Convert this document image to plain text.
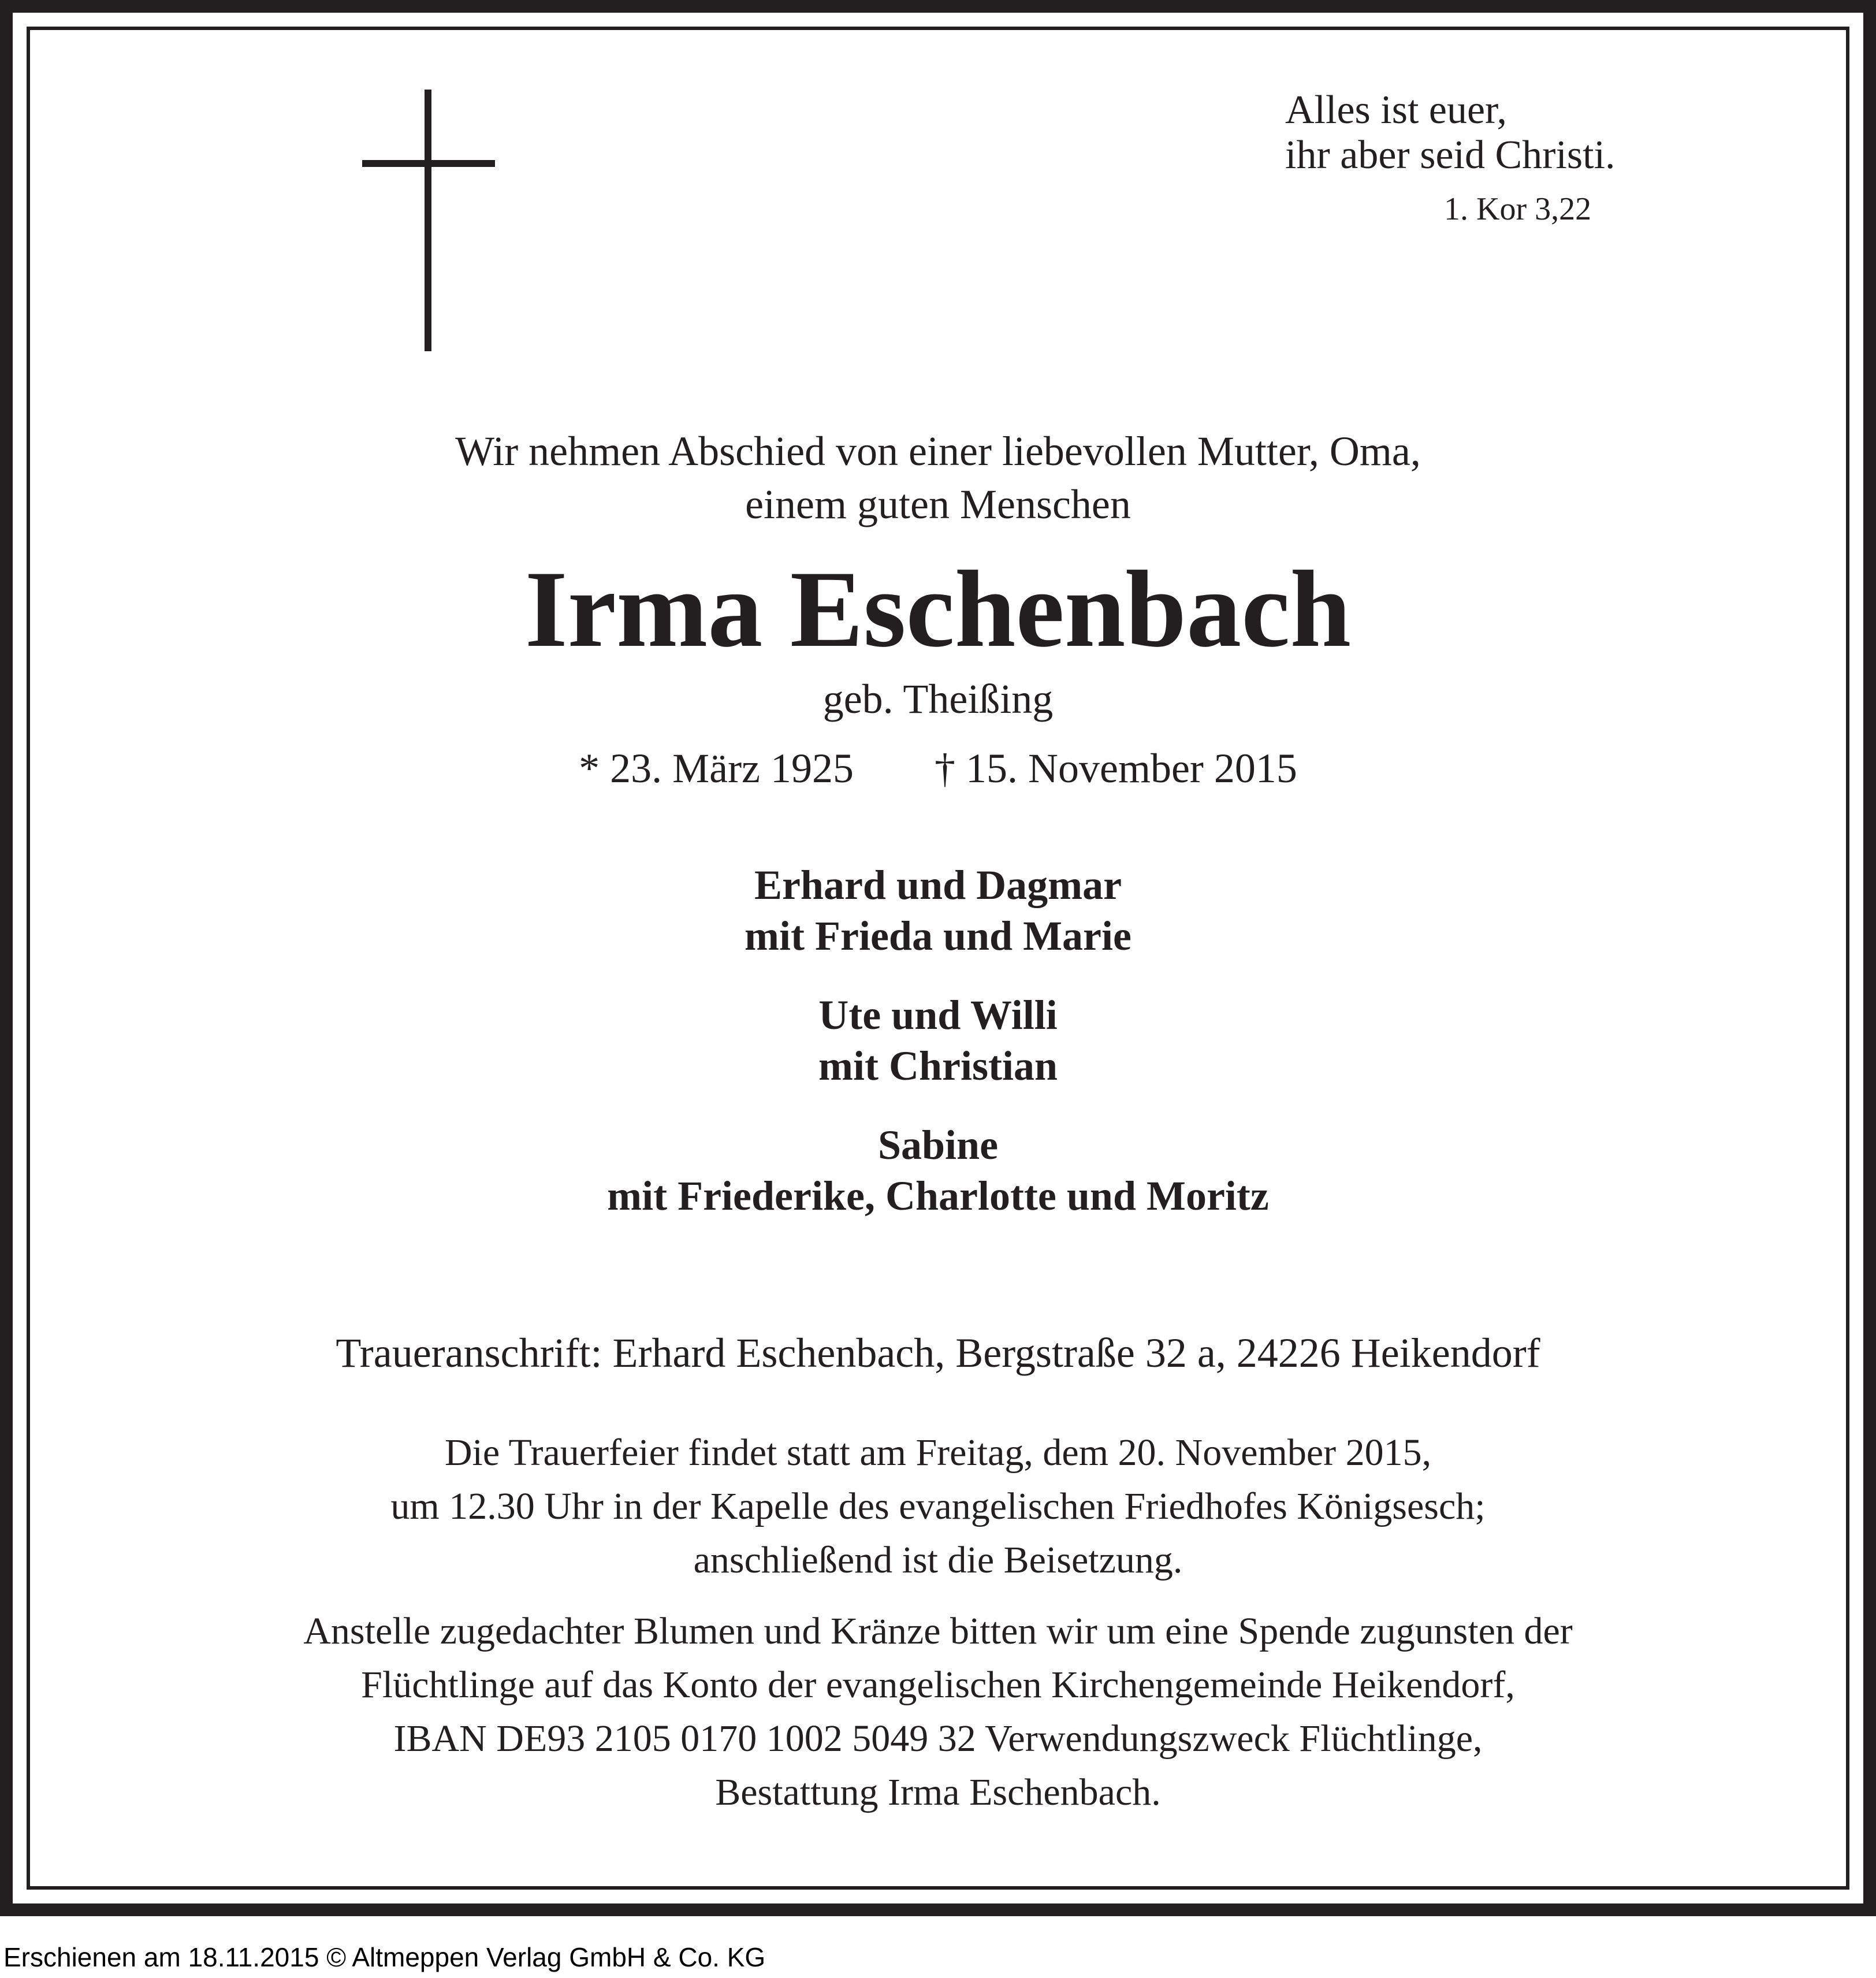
Alles ist euer,
ihr aber seid Christi.
1. Kor 3,22
Wir nehmen Abschied von einer liebevollen Mutter, Oma,
einem guten Menschen
Irma Eschenbach
geb. Theißing
* 23. März 1925 † 15. November 2015
Erhard und Dagmar
mit Frieda und Marie
Ute und Willi
mit Christian
Sabine
mit Friederike, Charlotte und Moritz
Traueranschrift: Erhard Eschenbach, Bergstraße 32 a, 24226 Heikendorf
Die Trauerfeier findet statt am Freitag, dem 20. November 2015,
um 12.30 Uhr in der Kapelle des evangelischen Friedhofes Königsesch;
anschließend ist die Beisetzung.
Anstelle zugedachter Blumen und Kränze bitten wir um eine Spende zugunsten der
Flüchtlinge auf das Konto der evangelischen Kirchengemeinde Heikendorf,
IBAN DE93 2105 0170 1002 5049 32 Verwendungszweck Flüchtlinge,
Bestattung Irma Eschenbach.
Erschienen am 18.11.2015 © Altmeppen Verlag GmbH & Co. KG
